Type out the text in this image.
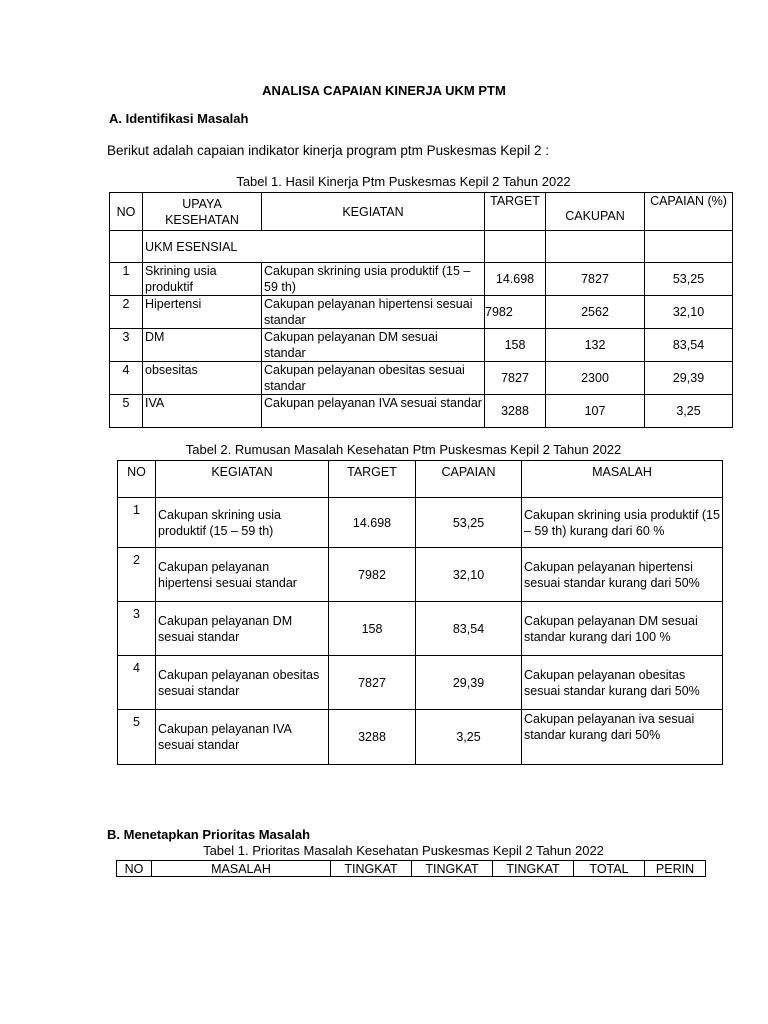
ANALISA CAPAIAN KINERJA UKM PTM
A. Identifikasi Masalah
Berikut adalah capaian indikator kinerja program ptm Puskesmas Kepil 2 :
Tabel 1. Hasil Kinerja Ptm Puskesmas Kepil 2 Tahun 2022
NO	UPAYA KESEHATAN	KEGIATAN	TARGET	CAKUPAN	CAPAIAN (%)
	UKM ESENSIAL				
1	Skrining usia produktif	Cakupan skrining usia produktif (15 – 59 th)	14.698	7827	53,25
2	Hipertensi	Cakupan pelayanan hipertensi sesuai standar	7982	2562	32,10
3	DM	Cakupan pelayanan DM sesuai standar	158	132	83,54
4	obsesitas	Cakupan pelayanan obesitas sesuai standar	7827	2300	29,39
5	IVA	Cakupan pelayanan IVA sesuai standar	3288	107	3,25
Tabel 2. Rumusan Masalah Kesehatan Ptm Puskesmas Kepil 2 Tahun 2022
NO	KEGIATAN	TARGET	CAPAIAN	MASALAH
1	Cakupan skrining usia produktif (15 – 59 th)	14.698	53,25	Cakupan skrining usia produktif (15 – 59 th) kurang dari 60 %
2	Cakupan pelayanan hipertensi sesuai standar	7982	32,10	Cakupan pelayanan hipertensi sesuai standar kurang dari 50%
3	Cakupan pelayanan DM sesuai standar	158	83,54	Cakupan pelayanan DM sesuai standar kurang dari 100 %
4	Cakupan pelayanan obesitas sesuai standar	7827	29,39	Cakupan pelayanan obesitas sesuai standar kurang dari 50%
5	Cakupan pelayanan IVA sesuai standar	3288	3,25	Cakupan pelayanan iva sesuai standar kurang dari 50%
B. Menetapkan Prioritas Masalah
Tabel 1. Prioritas Masalah Kesehatan Puskesmas Kepil 2 Tahun 2022
NO	MASALAH	TINGKAT	TINGKAT	TINGKAT	TOTAL	PERIN
